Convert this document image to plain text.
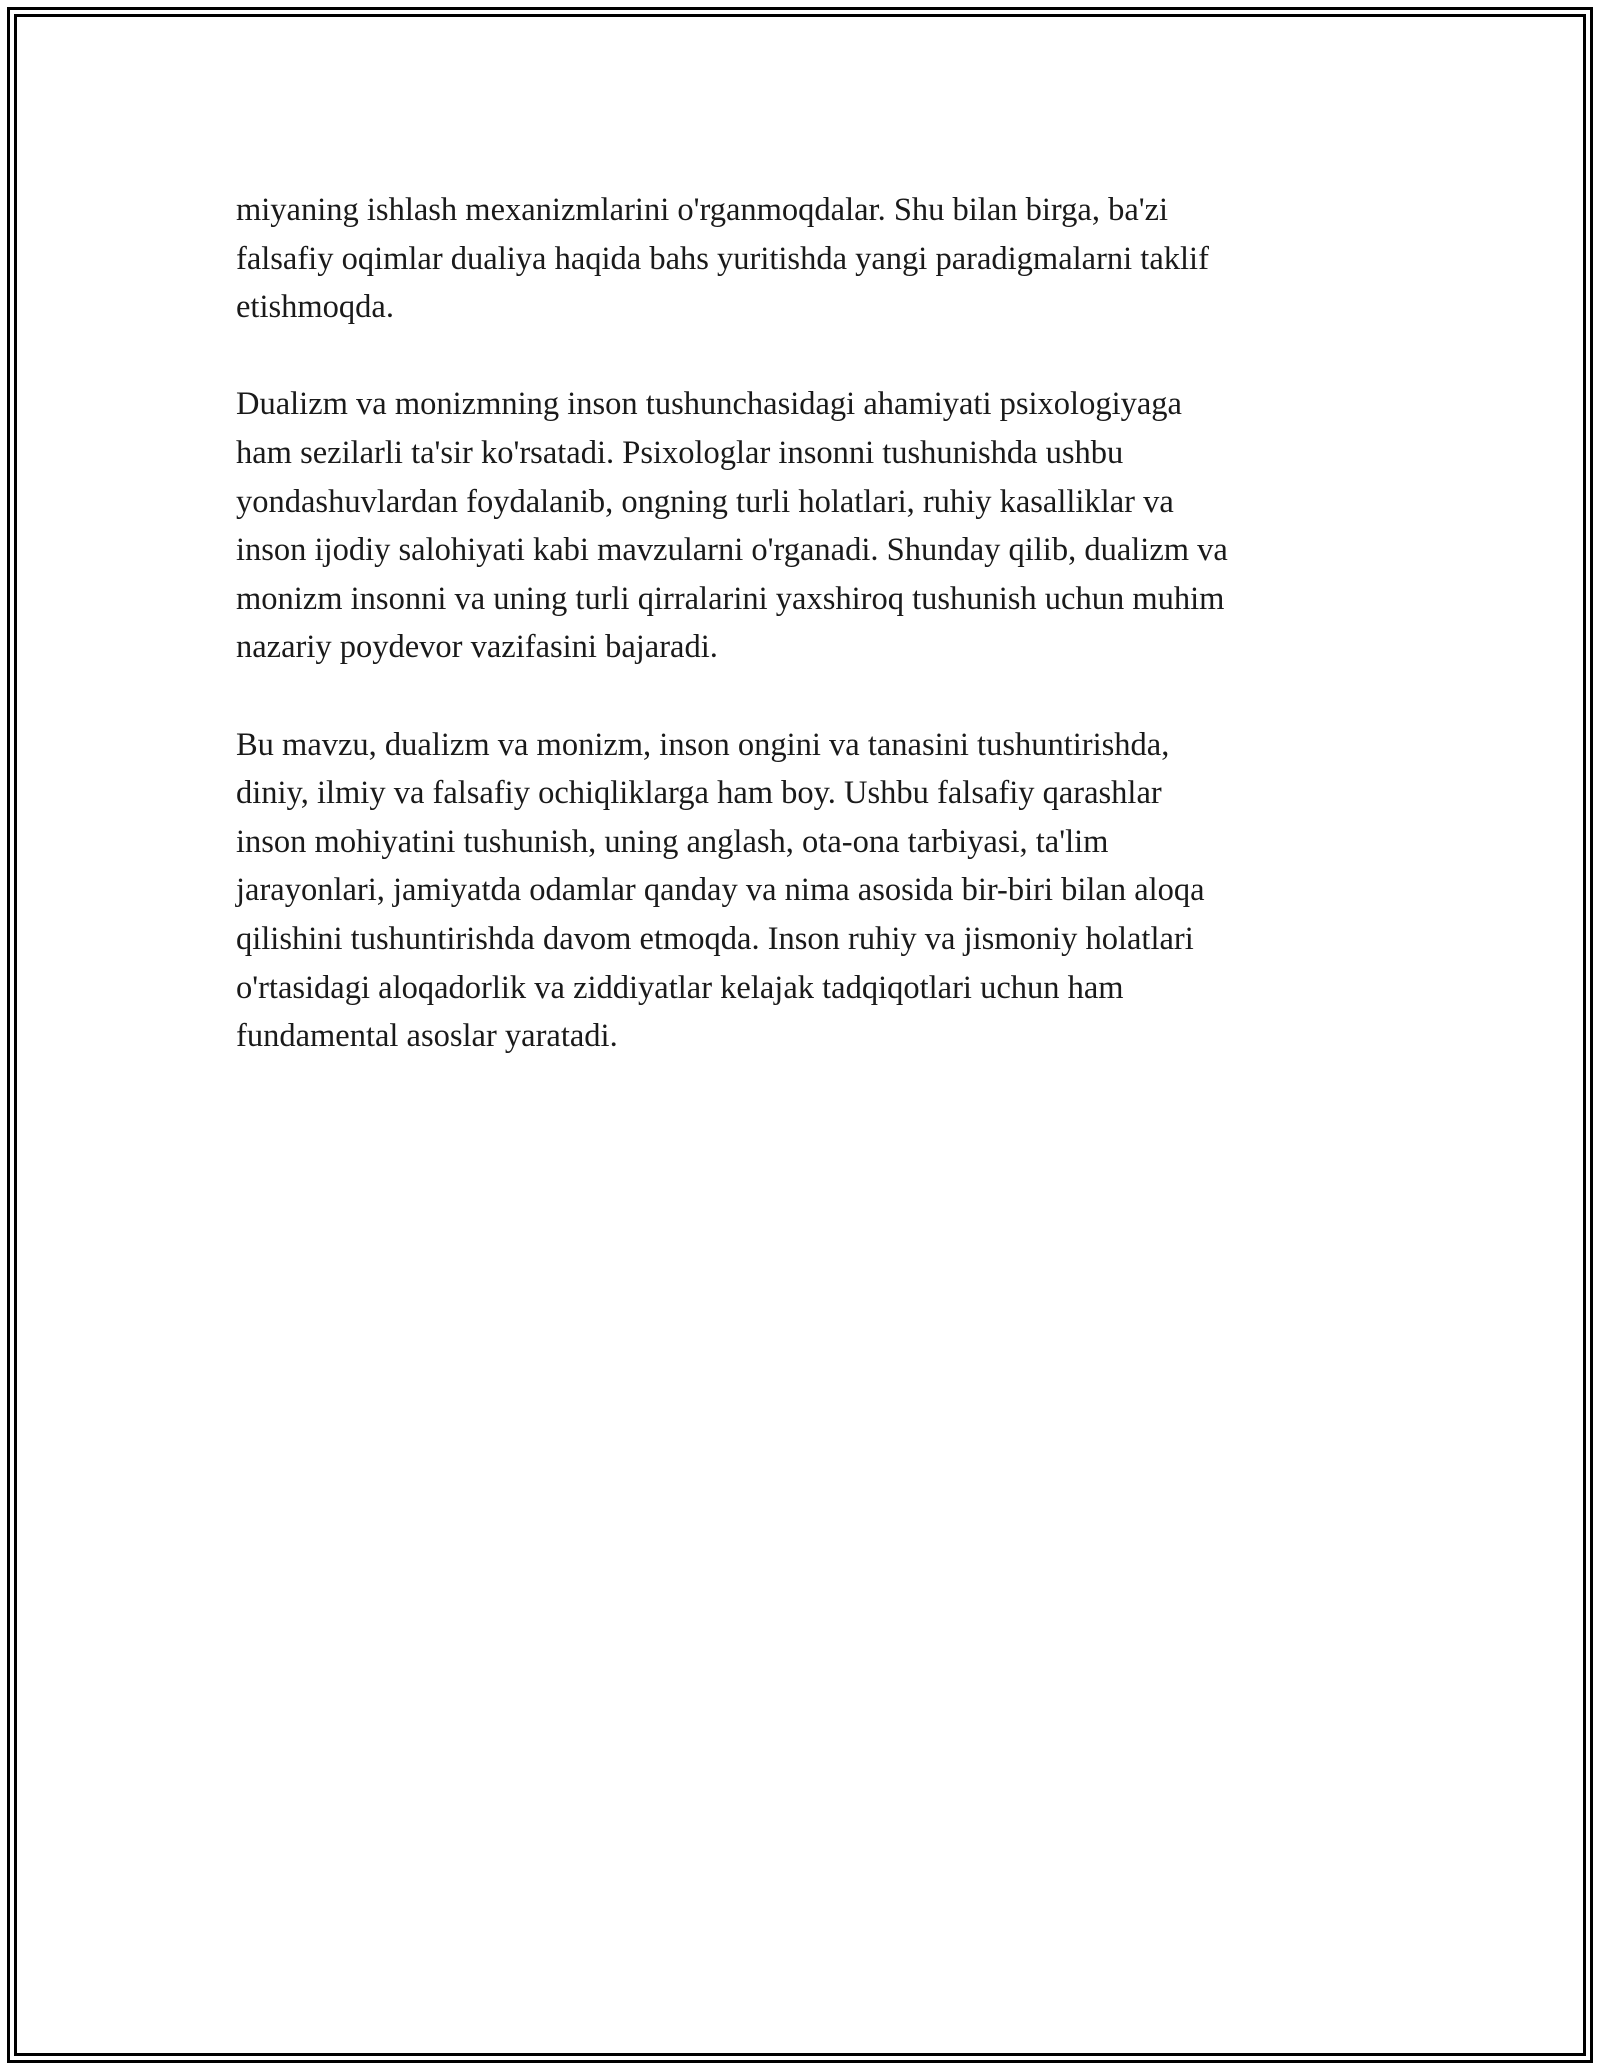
miyaning ishlash mexanizmlarini o'rganmoqdalar. Shu bilan birga, ba'zi
falsafiy oqimlar dualiya haqida bahs yuritishda yangi paradigmalarni taklif
etishmoqda.

Dualizm va monizmning inson tushunchasidagi ahamiyati psixologiyaga
ham sezilarli ta'sir ko'rsatadi. Psixologlar insonni tushunishda ushbu
yondashuvlardan foydalanib, ongning turli holatlari, ruhiy kasalliklar va
inson ijodiy salohiyati kabi mavzularni o'rganadi. Shunday qilib, dualizm va
monizm insonni va uning turli qirralarini yaxshiroq tushunish uchun muhim
nazariy poydevor vazifasini bajaradi.

Bu mavzu, dualizm va monizm, inson ongini va tanasini tushuntirishda,
diniy, ilmiy va falsafiy ochiqliklarga ham boy. Ushbu falsafiy qarashlar
inson mohiyatini tushunish, uning anglash, ota-ona tarbiyasi, ta'lim
jarayonlari, jamiyatda odamlar qanday va nima asosida bir-biri bilan aloqa
qilishini tushuntirishda davom etmoqda. Inson ruhiy va jismoniy holatlari
o'rtasidagi aloqadorlik va ziddiyatlar kelajak tadqiqotlari uchun ham
fundamental asoslar yaratadi.
